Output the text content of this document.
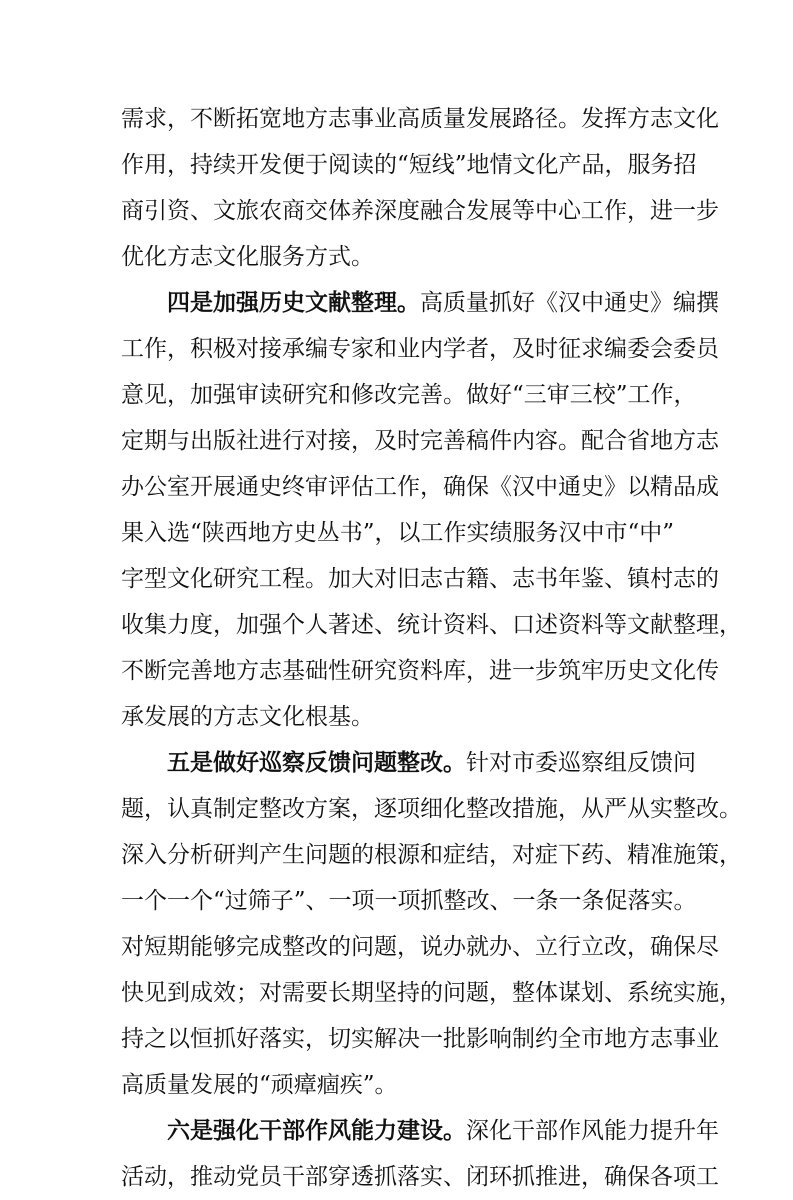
需求，不断拓宽地方志事业高质量发展路径。发挥方志文化
作用，持续开发便于阅读的“短线”地情文化产品，服务招
商引资、文旅农商交体养深度融合发展等中心工作，进一步
优化方志文化服务方式。
四是加强历史文献整理。高质量抓好《汉中通史》编撰
工作，积极对接承编专家和业内学者，及时征求编委会委员
意见，加强审读研究和修改完善。做好“三审三校”工作，
定期与出版社进行对接，及时完善稿件内容。配合省地方志
办公室开展通史终审评估工作，确保《汉中通史》以精品成
果入选“陕西地方史丛书”，以工作实绩服务汉中市“中”
字型文化研究工程。加大对旧志古籍、志书年鉴、镇村志的
收集力度，加强个人著述、统计资料、口述资料等文献整理，
不断完善地方志基础性研究资料库，进一步筑牢历史文化传
承发展的方志文化根基。
五是做好巡察反馈问题整改。针对市委巡察组反馈问
题，认真制定整改方案，逐项细化整改措施，从严从实整改。
深入分析研判产生问题的根源和症结，对症下药、精准施策，
一个一个“过筛子”、一项一项抓整改、一条一条促落实。
对短期能够完成整改的问题，说办就办、立行立改，确保尽
快见到成效；对需要长期坚持的问题，整体谋划、系统实施，
持之以恒抓好落实，切实解决一批影响制约全市地方志事业
高质量发展的“顽瘴痼疾”。
六是强化干部作风能力建设。深化干部作风能力提升年
活动，推动党员干部穿透抓落实、闭环抓推进，确保各项工
